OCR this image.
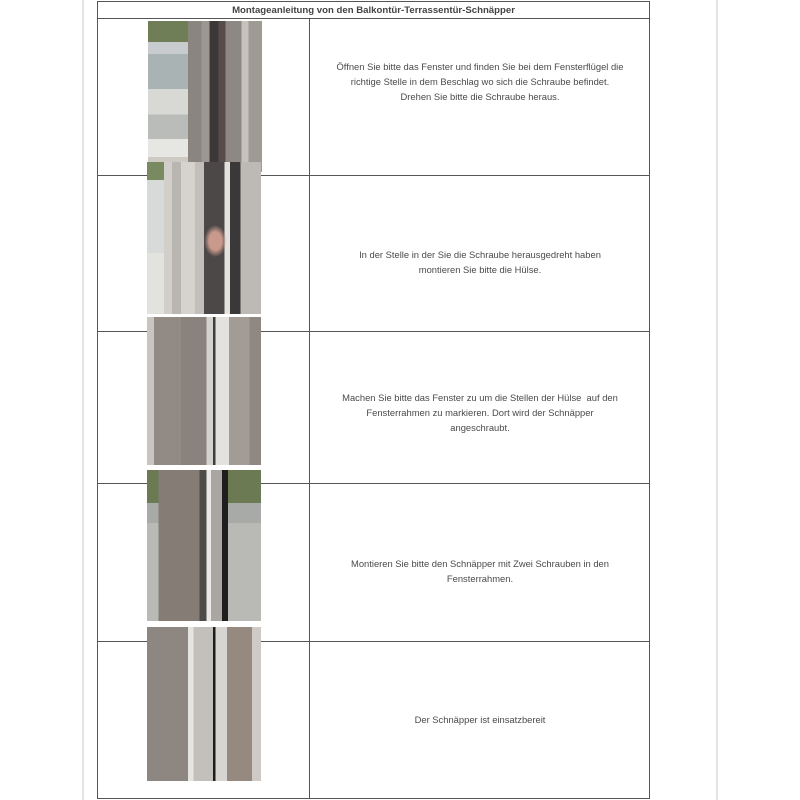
Montageanleitung von den Balkontür-Terrassentür-Schnäpper
Öffnen Sie bitte das Fenster und finden Sie bei dem Fensterflügel die
richtige Stelle in dem Beschlag wo sich die Schraube befindet.
Drehen Sie bitte die Schraube heraus.
In der Stelle in der Sie die Schraube herausgedreht haben
montieren Sie bitte die Hülse.
Machen Sie bitte das Fenster zu um die Stellen der Hülse  auf den
Fensterrahmen zu markieren. Dort wird der Schnäpper
angeschraubt.
Montieren Sie bitte den Schnäpper mit Zwei Schrauben in den
Fensterrahmen.
Der Schnäpper ist einsatzbereit
